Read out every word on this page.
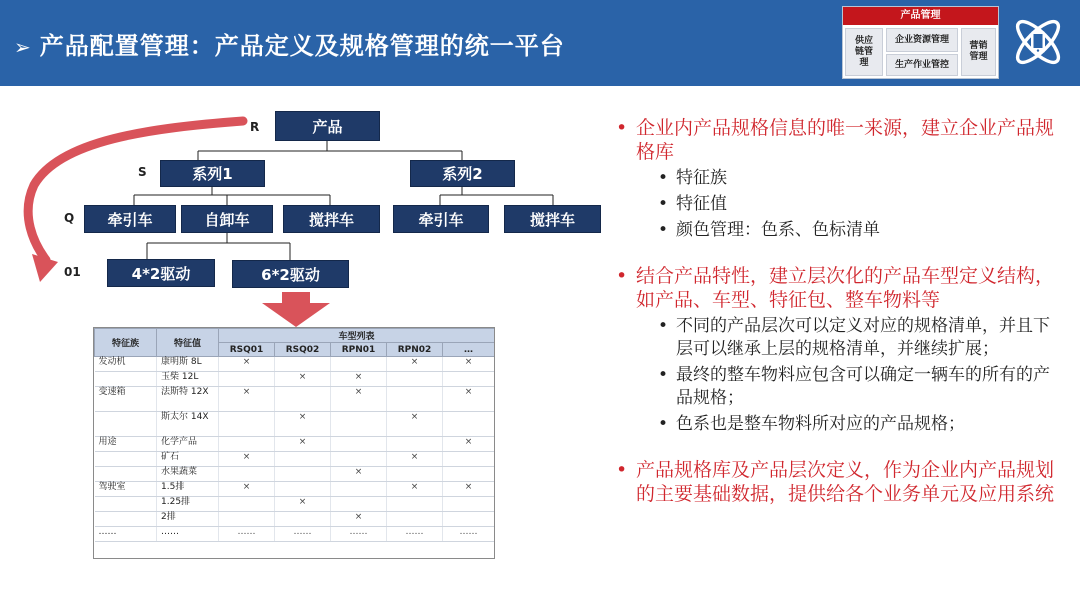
➢ 产品配置管理：产品定义及规格管理的统一平台
产品管理
供应链管理
企业资源管理
生产作业管控
营销管理
R
S
Q
01
产品
系列1	系列2
牵引车	自卸车	搅拌车	牵引车	搅拌车
4*2驱动	6*2驱动
特征族	特征值	车型列表				
		RSQ01	RSQ02	RPN01	RPN02	…
发动机	康明斯 8L	×			×	×
	玉柴 12L		×	×		
变速箱	法斯特 12X	×		×		×
	斯太尔 14X		×		×	
用途	化学产品		×			×
	矿石	×			×	
	水果蔬菜			×		
驾驶室	1.5排	×			×	×
	1.25排		×			
	2排			×		
……	……	……	……	……	……	……
• 企业内产品规格信息的唯一来源，建立企业产品规格库
• 特征族
• 特征值
• 颜色管理：色系、色标清单
• 结合产品特性，建立层次化的产品车型定义结构，如产品、车型、特征包、整车物料等
• 不同的产品层次可以定义对应的规格清单，并且下层可以继承上层的规格清单，并继续扩展；
• 最终的整车物料应包含可以确定一辆车的所有的产品规格；
• 色系也是整车物料所对应的产品规格；
• 产品规格库及产品层次定义，作为企业内产品规划的主要基础数据，提供给各个业务单元及应用系统
